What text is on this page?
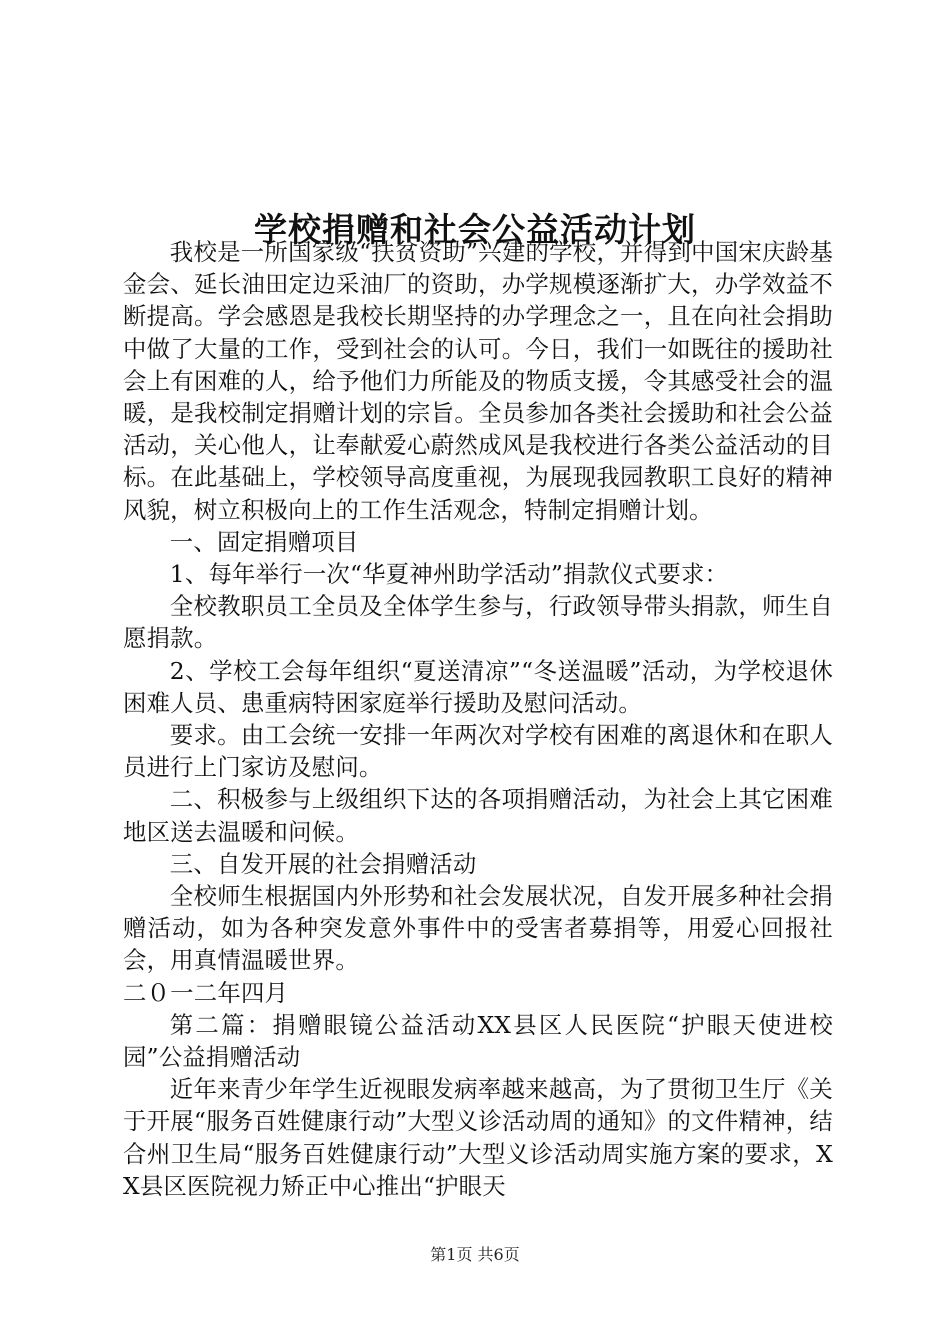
学校捐赠和社会公益活动计划

我校是一所国家级“扶贫资助”兴建的学校，并得到中国宋庆龄基金会、延长油田定边采油厂的资助，办学规模逐渐扩大，办学效益不断提高。学会感恩是我校长期坚持的办学理念之一，且在向社会捐助中做了大量的工作，受到社会的认可。今日，我们一如既往的援助社会上有困难的人，给予他们力所能及的物质支援，令其感受社会的温暖，是我校制定捐赠计划的宗旨。全员参加各类社会援助和社会公益活动，关心他人，让奉献爱心蔚然成风是我校进行各类公益活动的目标。在此基础上，学校领导高度重视，为展现我园教职工良好的精神风貌，树立积极向上的工作生活观念，特制定捐赠计划。

一、固定捐赠项目

1、每年举行一次“华夏神州助学活动”捐款仪式要求：

全校教职员工全员及全体学生参与，行政领导带头捐款，师生自愿捐款。

2、学校工会每年组织“夏送清凉”“冬送温暖”活动，为学校退休困难人员、患重病特困家庭举行援助及慰问活动。

要求。由工会统一安排一年两次对学校有困难的离退休和在职人员进行上门家访及慰问。

二、积极参与上级组织下达的各项捐赠活动，为社会上其它困难地区送去温暖和问候。

三、自发开展的社会捐赠活动

全校师生根据国内外形势和社会发展状况，自发开展多种社会捐赠活动，如为各种突发意外事件中的受害者募捐等，用爱心回报社会，用真情温暖世界。

二０一二年四月

第二篇：捐赠眼镜公益活动XX县区人民医院“护眼天使进校园”公益捐赠活动

近年来青少年学生近视眼发病率越来越高，为了贯彻卫生厅《关于开展“服务百姓健康行动”大型义诊活动周的通知》的文件精神，结合州卫生局“服务百姓健康行动”大型义诊活动周实施方案的要求，XX县区医院视力矫正中心推出“护眼天

第1页 共6页
